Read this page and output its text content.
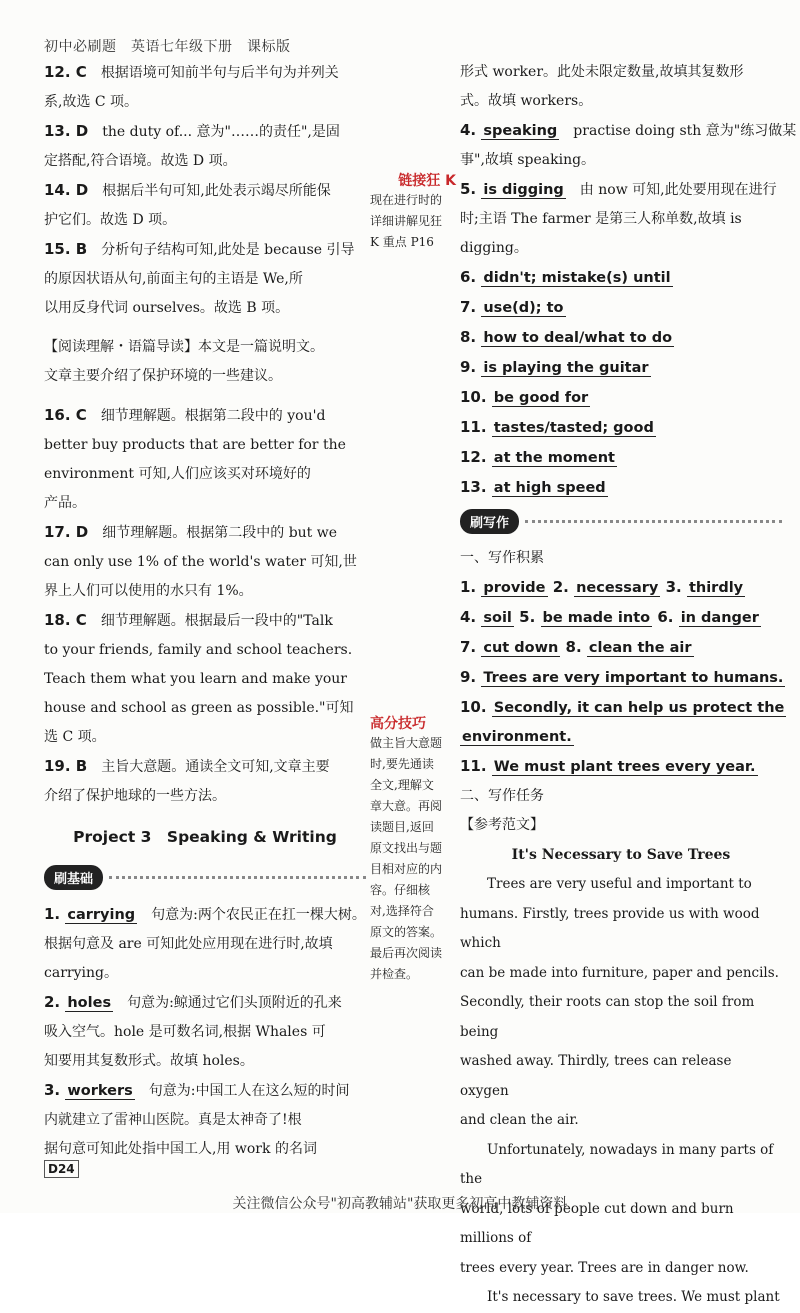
初中必刷题　英语七年级下册　课标版
12. C　 根据语境可知前半句与后半句为并列关
系,故选 C 项。
13. D　 the duty of... 意为"……的责任",是固
定搭配,符合语境。故选 D 项。
14. D　 根据后半句可知,此处表示竭尽所能保
护它们。故选 D 项。
15. B　 分析句子结构可知,此处是 because 引导
的原因状语从句,前面主句的主语是 We,所
以用反身代词 ourselves。故选 B 项。
【阅读理解・语篇导读】本文是一篇说明文。
文章主要介绍了保护环境的一些建议。
16. C　 细节理解题。根据第二段中的 you'd
better buy products that are better for the
environment 可知,人们应该买对环境好的
产品。
17. D　 细节理解题。根据第二段中的 but we
can only use 1% of the world's water 可知,世
界上人们可以使用的水只有 1%。
18. C　 细节理解题。根据最后一段中的"Talk
to your friends, family and school teachers.
Teach them what you learn and make your
house and school as green as possible."可知
选 C 项。
19. B　 主旨大意题。通读全文可知,文章主要
介绍了保护地球的一些方法。
Project 3　Speaking & Writing
刷基础
1. carrying　句意为:两个农民正在扛一棵大树。
根据句意及 are 可知此处应用现在进行时,故填
carrying。
2. holes　句意为:鲸通过它们头顶附近的孔来
吸入空气。hole 是可数名词,根据 Whales 可
知要用其复数形式。故填 holes。
3. workers　句意为:中国工人在这么短的时间
内就建立了雷神山医院。真是太神奇了!根
据句意可知此处指中国工人,用 work 的名词
链接狂 K
现在进行时的
详细讲解见狂
K 重点 P16
高分技巧
做主旨大意题
时,要先通读
全文,理解文
章大意。再阅
读题目,返回
原文找出与题
目相对应的内
容。仔细核
对,选择符合
原文的答案。
最后再次阅读
并检查。
形式 worker。此处未限定数量,故填其复数形
式。故填 workers。
4. speaking　practise doing sth 意为"练习做某
事",故填 speaking。
5. is digging　由 now 可知,此处要用现在进行
时;主语 The farmer 是第三人称单数,故填 is
digging。
6. didn't; mistake(s) until
7. use(d); to
8. how to deal/what to do
9. is playing the guitar
10. be good for
11. tastes/tasted; good
12. at the moment
13. at high speed
刷写作
一、写作积累
1. provide 2. necessary 3. thirdly
4. soil 5. be made into 6. in danger
7. cut down 8. clean the air
9. Trees are very important to humans.
10. Secondly, it can help us protect the
environment.
11. We must plant trees every year.
二、写作任务
【参考范文】
It's Necessary to Save Trees
Trees are very useful and important to
humans. Firstly, trees provide us with wood which
can be made into furniture, paper and pencils.
Secondly, their roots can stop the soil from being
washed away. Thirdly, trees can release oxygen
and clean the air.
Unfortunately, nowadays in many parts of the
world, lots of people cut down and burn millions of
trees every year. Trees are in danger now.
It's necessary to save trees. We must plant
D24
关注微信公众号"初高教辅站"获取更多初高中教辅资料
